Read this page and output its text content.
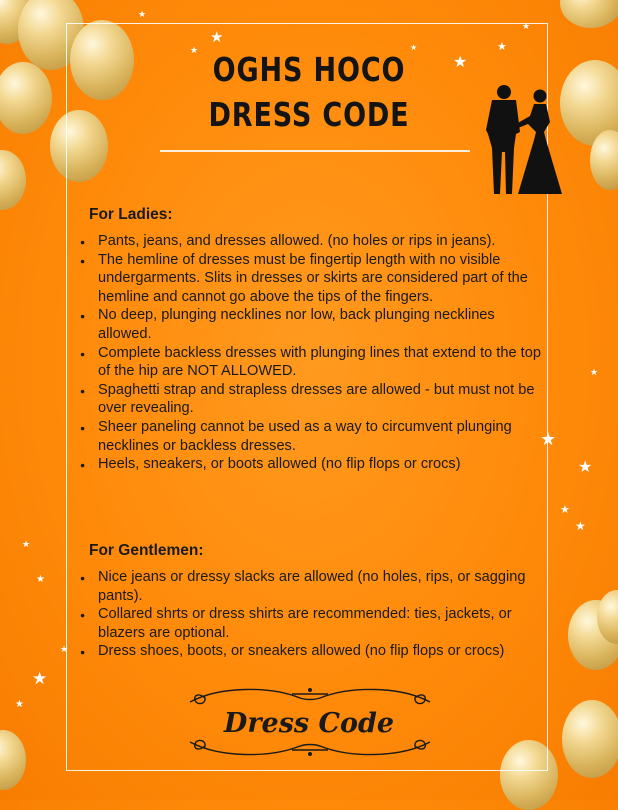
★
★
★
★
★
★
★
★
★
★
★
★
★
★
★
★
★
OGHS HOCO
DRESS CODE
For Ladies:
● Pants, jeans, and dresses allowed. (no holes or rips in jeans).
● The hemline of dresses must be fingertip length with no visible undergarments. Slits in dresses or skirts are considered part of the hemline and cannot go above the tips of the fingers.
● No deep, plunging necklines nor low, back plunging necklines allowed.
● Complete backless dresses with plunging lines that extend to the top of the hip are NOT ALLOWED.
● Spaghetti strap and strapless dresses are allowed - but must not be over revealing.
● Sheer paneling cannot be used as a way to circumvent plunging necklines or backless dresses.
● Heels, sneakers, or boots allowed (no flip flops or crocs)
For Gentlemen:
● Nice jeans or dressy slacks are allowed (no holes, rips, or sagging pants).
● Collared shrts or dress shirts are recommended: ties, jackets, or blazers are optional.
● Dress shoes, boots, or sneakers allowed (no flip flops or crocs)
Dress Code
